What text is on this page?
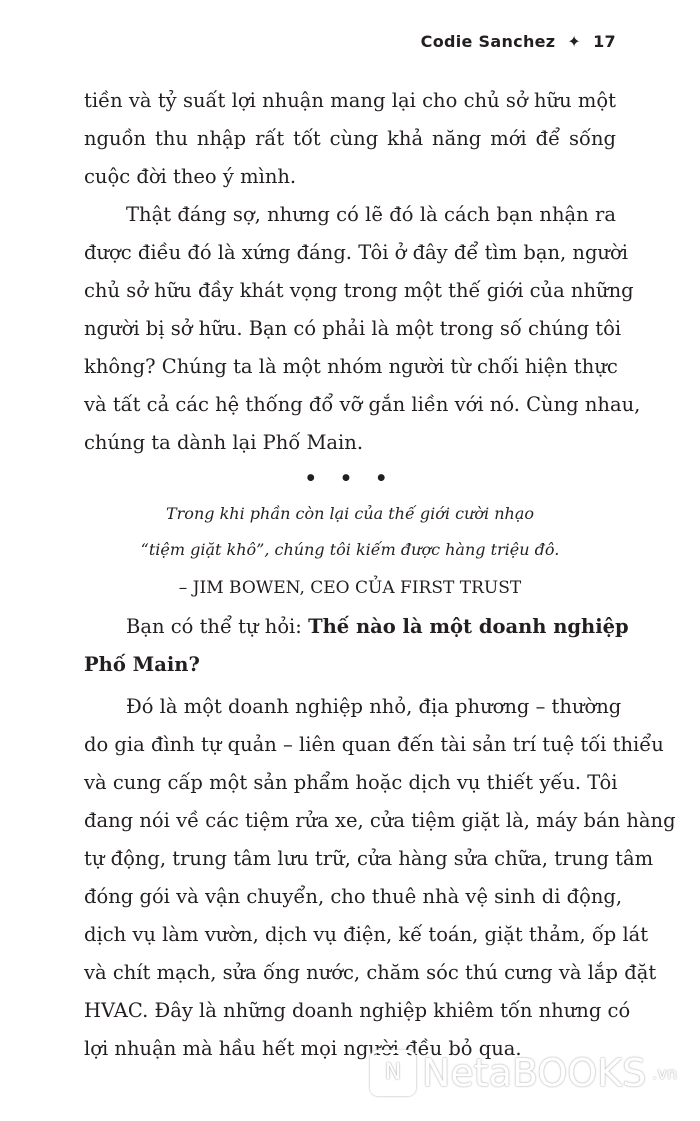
Codie Sanchez ✦ 17
tiền và tỷ suất lợi nhuận mang lại cho chủ sở hữu một
nguồn thu nhập rất tốt cùng khả năng mới để sống
cuộc đời theo ý mình.
Thật đáng sợ, nhưng có lẽ đó là cách bạn nhận ra
được điều đó là xứng đáng. Tôi ở đây để tìm bạn, người
chủ sở hữu đầy khát vọng trong một thế giới của những
người bị sở hữu. Bạn có phải là một trong số chúng tôi
không? Chúng ta là một nhóm người từ chối hiện thực
và tất cả các hệ thống đổ vỡ gắn liền với nó. Cùng nhau,
chúng ta dành lại Phố Main.
• • •
Trong khi phần còn lại của thế giới cười nhạo
“tiệm giặt khô”, chúng tôi kiếm được hàng triệu đô.
– JIM BOWEN, CEO CỦA FIRST TRUST
Bạn có thể tự hỏi: Thế nào là một doanh nghiệp
Phố Main?
Đó là một doanh nghiệp nhỏ, địa phương – thường
do gia đình tự quản – liên quan đến tài sản trí tuệ tối thiểu
và cung cấp một sản phẩm hoặc dịch vụ thiết yếu. Tôi
đang nói về các tiệm rửa xe, cửa tiệm giặt là, máy bán hàng
tự động, trung tâm lưu trữ, cửa hàng sửa chữa, trung tâm
đóng gói và vận chuyển, cho thuê nhà vệ sinh di động,
dịch vụ làm vườn, dịch vụ điện, kế toán, giặt thảm, ốp lát
và chít mạch, sửa ống nước, chăm sóc thú cưng và lắp đặt
HVAC. Đây là những doanh nghiệp khiêm tốn nhưng có
lợi nhuận mà hầu hết mọi người đều bỏ qua.
N NetaBOOKS .vn
